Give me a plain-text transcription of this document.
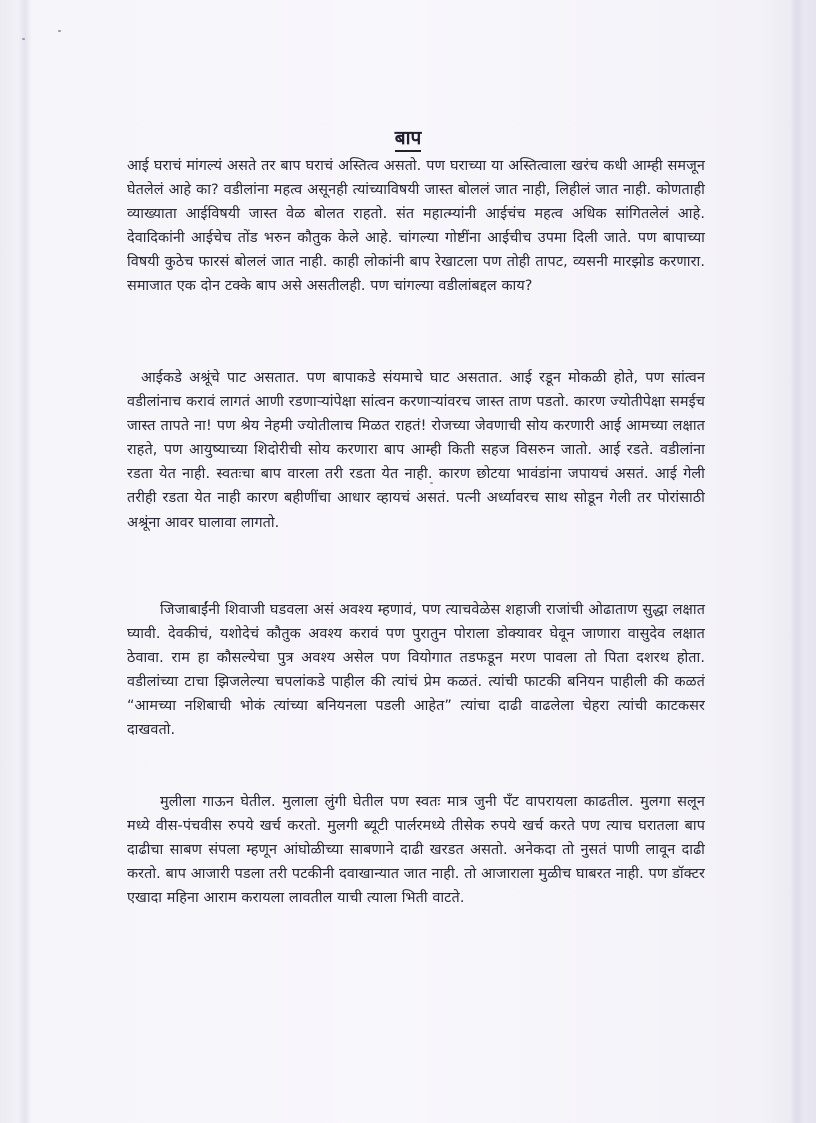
बाप

आई घराचं मांगल्यं असते तर बाप घराचं अस्तित्व असतो. पण घराच्या या अस्तित्वाला खरंच कधी आम्ही समजून घेतलेलं आहे का? वडीलांना महत्व असूनही त्यांच्याविषयी जास्त बोललं जात नाही, लिहीलं जात नाही. कोणताही व्याख्याता आईविषयी जास्त वेळ बोलत राहतो. संत महात्म्यांनी आईचंच महत्व अधिक सांगितलेलं आहे. देवादिकांनी आईचेच तोंड भरुन कौतुक केले आहे. चांगल्या गोष्टींना आईचीच उपमा दिली जाते. पण बापाच्या विषयी कुठेच फारसं बोललं जात नाही. काही लोकांनी बाप रेखाटला पण तोही तापट, व्यसनी मारझोड करणारा. समाजात एक दोन टक्के बाप असे असतीलही. पण चांगल्या वडीलांबद्दल काय?

आईकडे अश्रूंचे पाट असतात. पण बापाकडे संयमाचे घाट असतात. आई रडून मोकळी होते, पण सांत्वन वडीलांनाच करावं लागतं आणी रडणाऱ्यांपेक्षा सांत्वन करणाऱ्यांवरच जास्त ताण पडतो. कारण ज्योतीपेक्षा समईच जास्त तापते ना! पण श्रेय नेहमी ज्योतीलाच मिळत राहतं! रोजच्या जेवणाची सोय करणारी आई आमच्या लक्षात राहते, पण आयुष्याच्या शिदोरीची सोय करणारा बाप आम्ही किती सहज विसरुन जातो. आई रडते. वडीलांना रडता येत नाही. स्वतःचा बाप वारला तरी रडता येत नाही. कारण छोटया भावंडांना जपायचं असतं. आई गेली तरीही रडता येत नाही कारण बहीणींचा आधार व्हायचं असतं. पत्नी अर्ध्यावरच साथ सोडून गेली तर पोरांसाठी अश्रूंना आवर घालावा लागतो.

जिजाबाईंनी शिवाजी घडवला असं अवश्य म्हणावं, पण त्याचवेळेस शहाजी राजांची ओढाताण सुद्धा लक्षात घ्यावी. देवकीचं, यशोदेचं कौतुक अवश्य करावं पण पुरातुन पोराला डोक्यावर घेवून जाणारा वासुदेव लक्षात ठेवावा. राम हा कौसल्येचा पुत्र अवश्य असेल पण वियोगात तडफडून मरण पावला तो पिता दशरथ होता. वडीलांच्या टाचा झिजलेल्या चपलांकडे पाहील की त्यांचं प्रेम कळतं. त्यांची फाटकी बनियन पाहीली की कळतं “आमच्या नशिबाची भोकं त्यांच्या बनियनला पडली आहेत” त्यांचा दाढी वाढलेला चेहरा त्यांची काटकसर दाखवतो.

मुलीला गाऊन घेतील. मुलाला लुंगी घेतील पण स्वतः मात्र जुनी पँट वापरायला काढतील. मुलगा सलून मध्ये वीस-पंचवीस रुपये खर्च करतो. मुलगी ब्यूटी पार्लरमध्ये तीसेक रुपये खर्च करते पण त्याच घरातला बाप दाढीचा साबण संपला म्हणून आंघोळीच्या साबणाने दाढी खरडत असतो. अनेकदा तो नुसतं पाणी लावून दाढी करतो. बाप आजारी पडला तरी पटकीनी दवाखान्यात जात नाही. तो आजाराला मुळीच घाबरत नाही. पण डॉक्टर एखादा महिना आराम करायला लावतील याची त्याला भिती वाटते.
